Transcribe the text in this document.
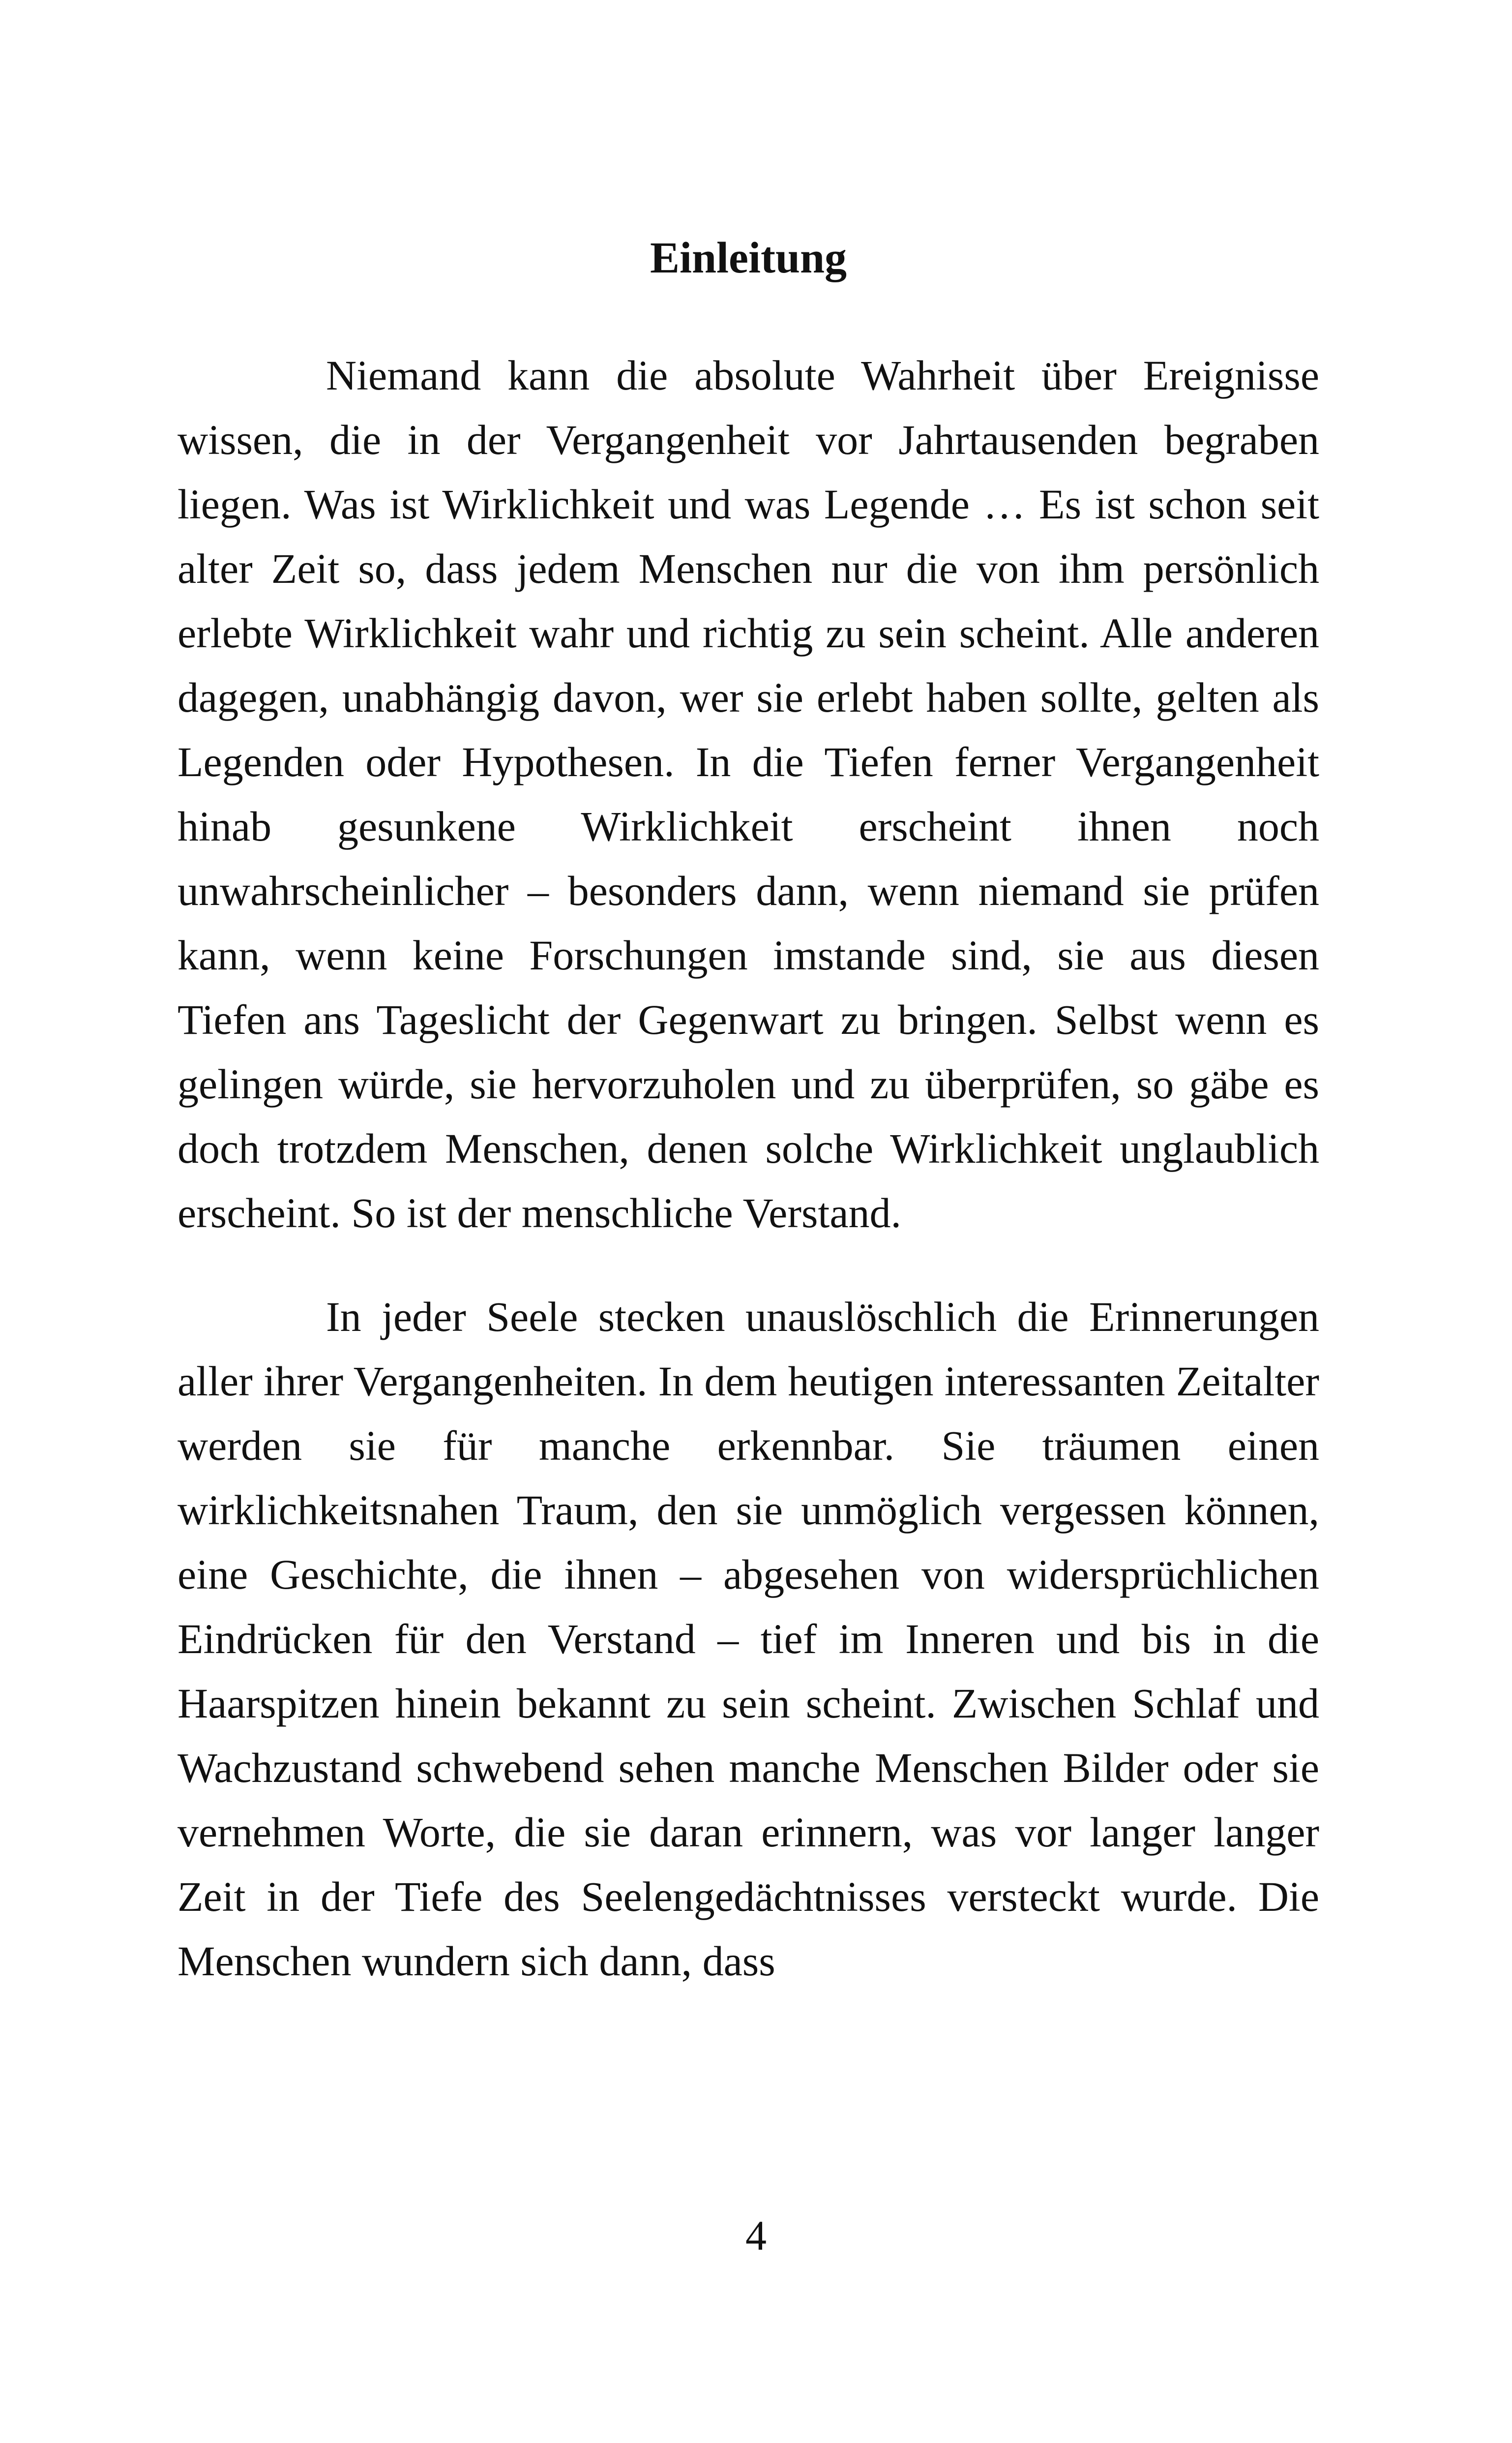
Einleitung

Niemand kann die absolute Wahrheit über Ereignisse wissen, die in der Vergangenheit vor Jahrtausenden begraben liegen. Was ist Wirklichkeit und was Legende … Es ist schon seit alter Zeit so, dass jedem Menschen nur die von ihm persönlich erlebte Wirklichkeit wahr und richtig zu sein scheint. Alle anderen dagegen, unabhängig davon, wer sie erlebt haben sollte, gelten als Legenden oder Hypothesen. In die Tiefen ferner Vergangenheit hinab gesunkene Wirklichkeit erscheint ihnen noch unwahrscheinlicher – besonders dann, wenn niemand sie prüfen kann, wenn keine Forschungen imstande sind, sie aus diesen Tiefen ans Tageslicht der Gegenwart zu bringen. Selbst wenn es gelingen würde, sie hervorzuholen und zu überprüfen, so gäbe es doch trotzdem Menschen, denen solche Wirklichkeit unglaublich erscheint. So ist der menschliche Verstand.

In jeder Seele stecken unauslöschlich die Erinnerungen aller ihrer Vergangenheiten. In dem heutigen interessanten Zeitalter werden sie für manche erkennbar. Sie träumen einen wirklichkeitsnahen Traum, den sie unmöglich vergessen können, eine Geschichte, die ihnen – abgesehen von widersprüchlichen Eindrücken für den Verstand – tief im Inneren und bis in die Haarspitzen hinein bekannt zu sein scheint. Zwischen Schlaf und Wachzustand schwebend sehen manche Menschen Bilder oder sie vernehmen Worte, die sie daran erinnern, was vor langer langer Zeit in der Tiefe des Seelengedächtnisses versteckt wurde. Die Menschen wundern sich dann, dass

4
